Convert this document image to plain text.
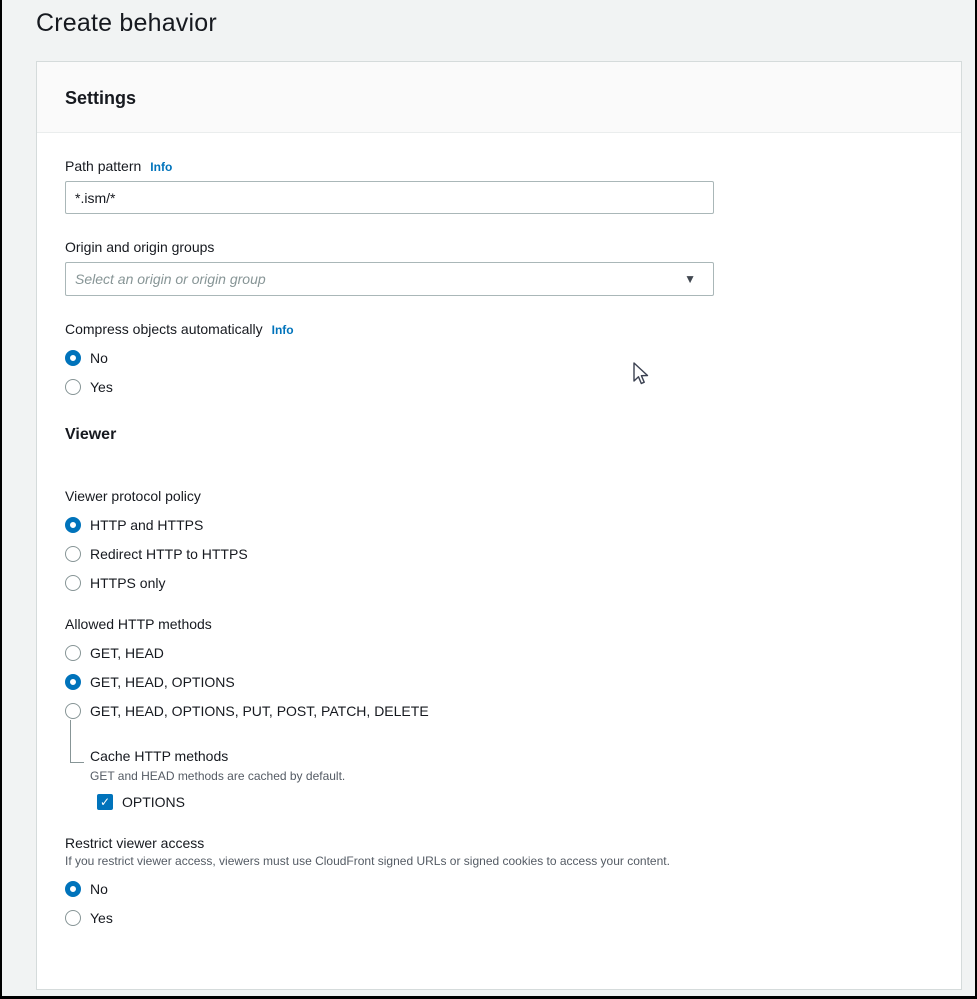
Create behavior
Settings
Path pattern Info
*.ism/*
Origin and origin groups
Select an origin or origin group	▼
Compress objects automatically Info
No
Yes
Viewer
Viewer protocol policy
HTTP and HTTPS
Redirect HTTP to HTTPS
HTTPS only
Allowed HTTP methods
GET, HEAD
GET, HEAD, OPTIONS
GET, HEAD, OPTIONS, PUT, POST, PATCH, DELETE
Cache HTTP methods
GET and HEAD methods are cached by default.
✓ OPTIONS
Restrict viewer access
If you restrict viewer access, viewers must use CloudFront signed URLs or signed cookies to access your content.
No
Yes
